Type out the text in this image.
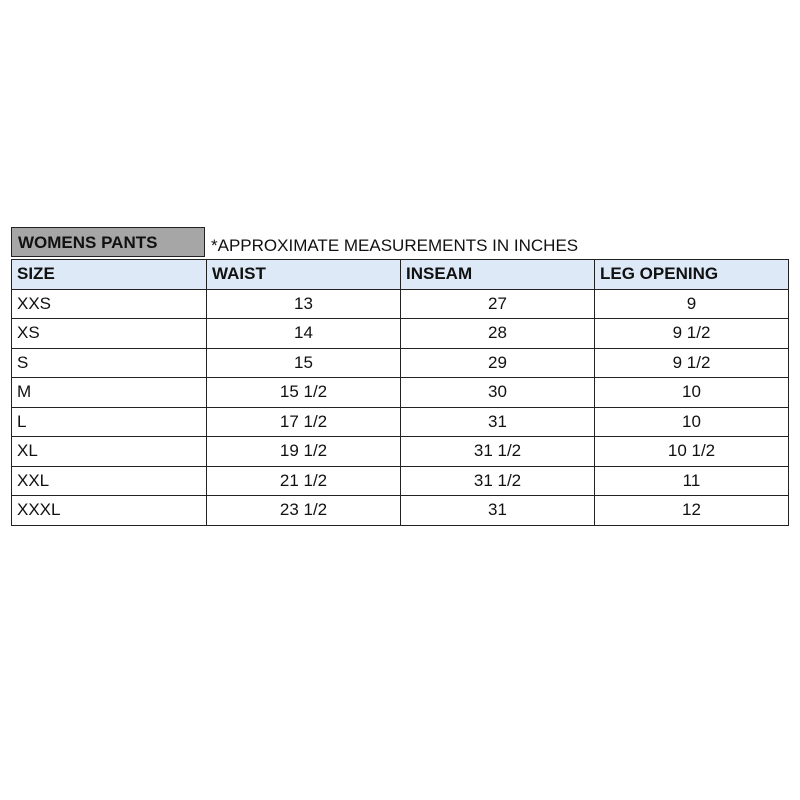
WOMENS PANTS	*APPROXIMATE MEASUREMENTS IN INCHES
SIZE	WAIST	INSEAM	LEG OPENING
XXS	13	27	9
XS	14	28	9 1/2
S	15	29	9 1/2
M	15 1/2	30	10
L	17 1/2	31	10
XL	19 1/2	31 1/2	10 1/2
XXL	21 1/2	31 1/2	11
XXXL	23 1/2	31	12
